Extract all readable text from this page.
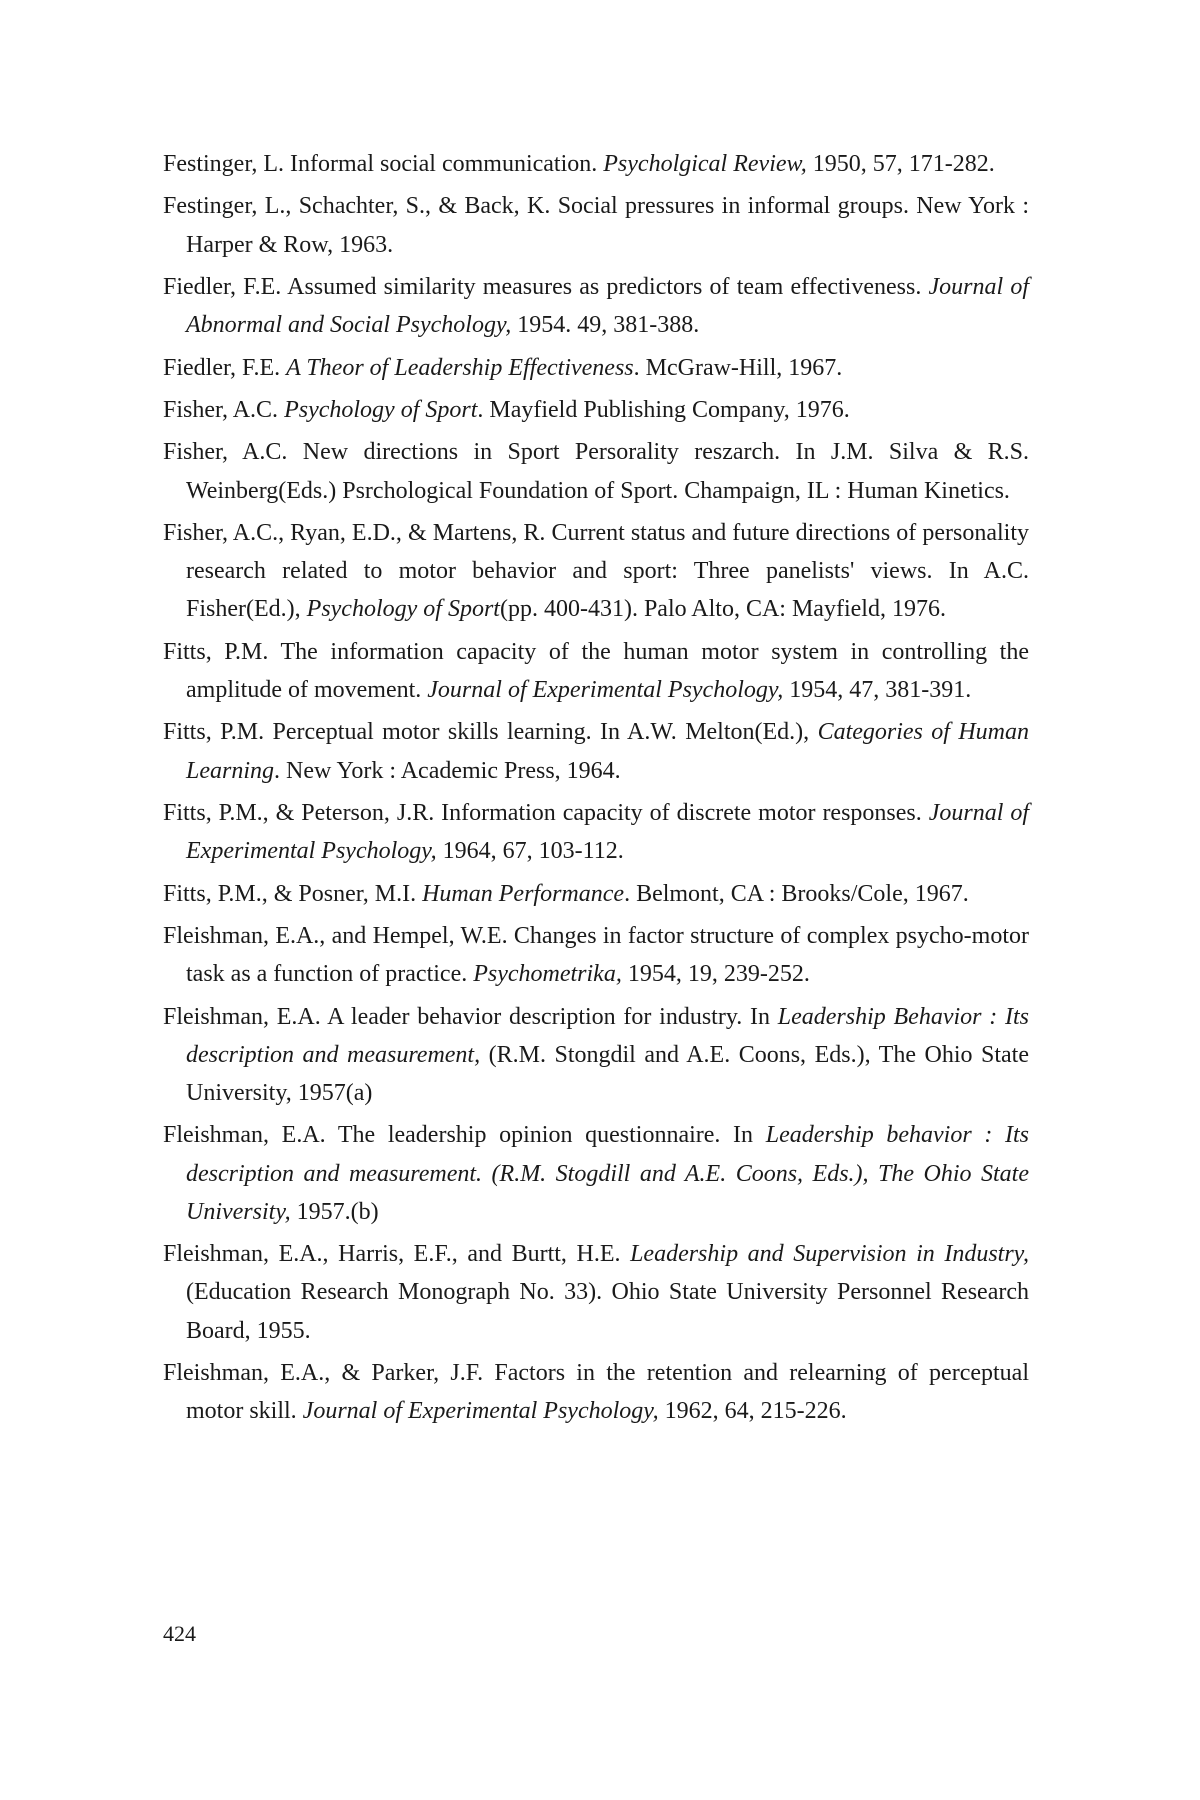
Festinger, L. Informal social communication. Psycholgical Review, 1950, 57, 171-282.
Festinger, L., Schachter, S., & Back, K. Social pressures in informal groups. New York : Harper & Row, 1963.
Fiedler, F.E. Assumed similarity measures as predictors of team effectiveness. Journal of Abnormal and Social Psychology, 1954. 49, 381-388.
Fiedler, F.E. A Theor of Leadership Effectiveness. McGraw-Hill, 1967.
Fisher, A.C. Psychology of Sport. Mayfield Publishing Company, 1976.
Fisher, A.C. New directions in Sport Persorality reszarch. In J.M. Silva & R.S. Weinberg(Eds.) Psrchological Foundation of Sport. Champaign, IL : Human Kinetics.
Fisher, A.C., Ryan, E.D., & Martens, R. Current status and future directions of personality research related to motor behavior and sport: Three panelists' views. In A.C. Fisher(Ed.), Psychology of Sport(pp. 400-431). Palo Alto, CA: Mayfield, 1976.
Fitts, P.M. The information capacity of the human motor system in controlling the amplitude of movement. Journal of Experimental Psychology, 1954, 47, 381-391.
Fitts, P.M. Perceptual motor skills learning. In A.W. Melton(Ed.), Categories of Human Learning. New York : Academic Press, 1964.
Fitts, P.M., & Peterson, J.R. Information capacity of discrete motor responses. Journal of Experimental Psychology, 1964, 67, 103-112.
Fitts, P.M., & Posner, M.I. Human Performance. Belmont, CA : Brooks/Cole, 1967.
Fleishman, E.A., and Hempel, W.E. Changes in factor structure of complex psycho-motor task as a function of practice. Psychometrika, 1954, 19, 239-252.
Fleishman, E.A. A leader behavior description for industry. In Leadership Behavior : Its description and measurement, (R.M. Stongdil and A.E. Coons, Eds.), The Ohio State University, 1957(a)
Fleishman, E.A. The leadership opinion questionnaire. In Leadership behavior : Its description and measurement. (R.M. Stogdill and A.E. Coons, Eds.), The Ohio State University, 1957.(b)
Fleishman, E.A., Harris, E.F., and Burtt, H.E. Leadership and Supervision in Industry, (Education Research Monograph No. 33). Ohio State University Personnel Research Board, 1955.
Fleishman, E.A., & Parker, J.F. Factors in the retention and relearning of perceptual motor skill. Journal of Experimental Psychology, 1962, 64, 215-226.
424
